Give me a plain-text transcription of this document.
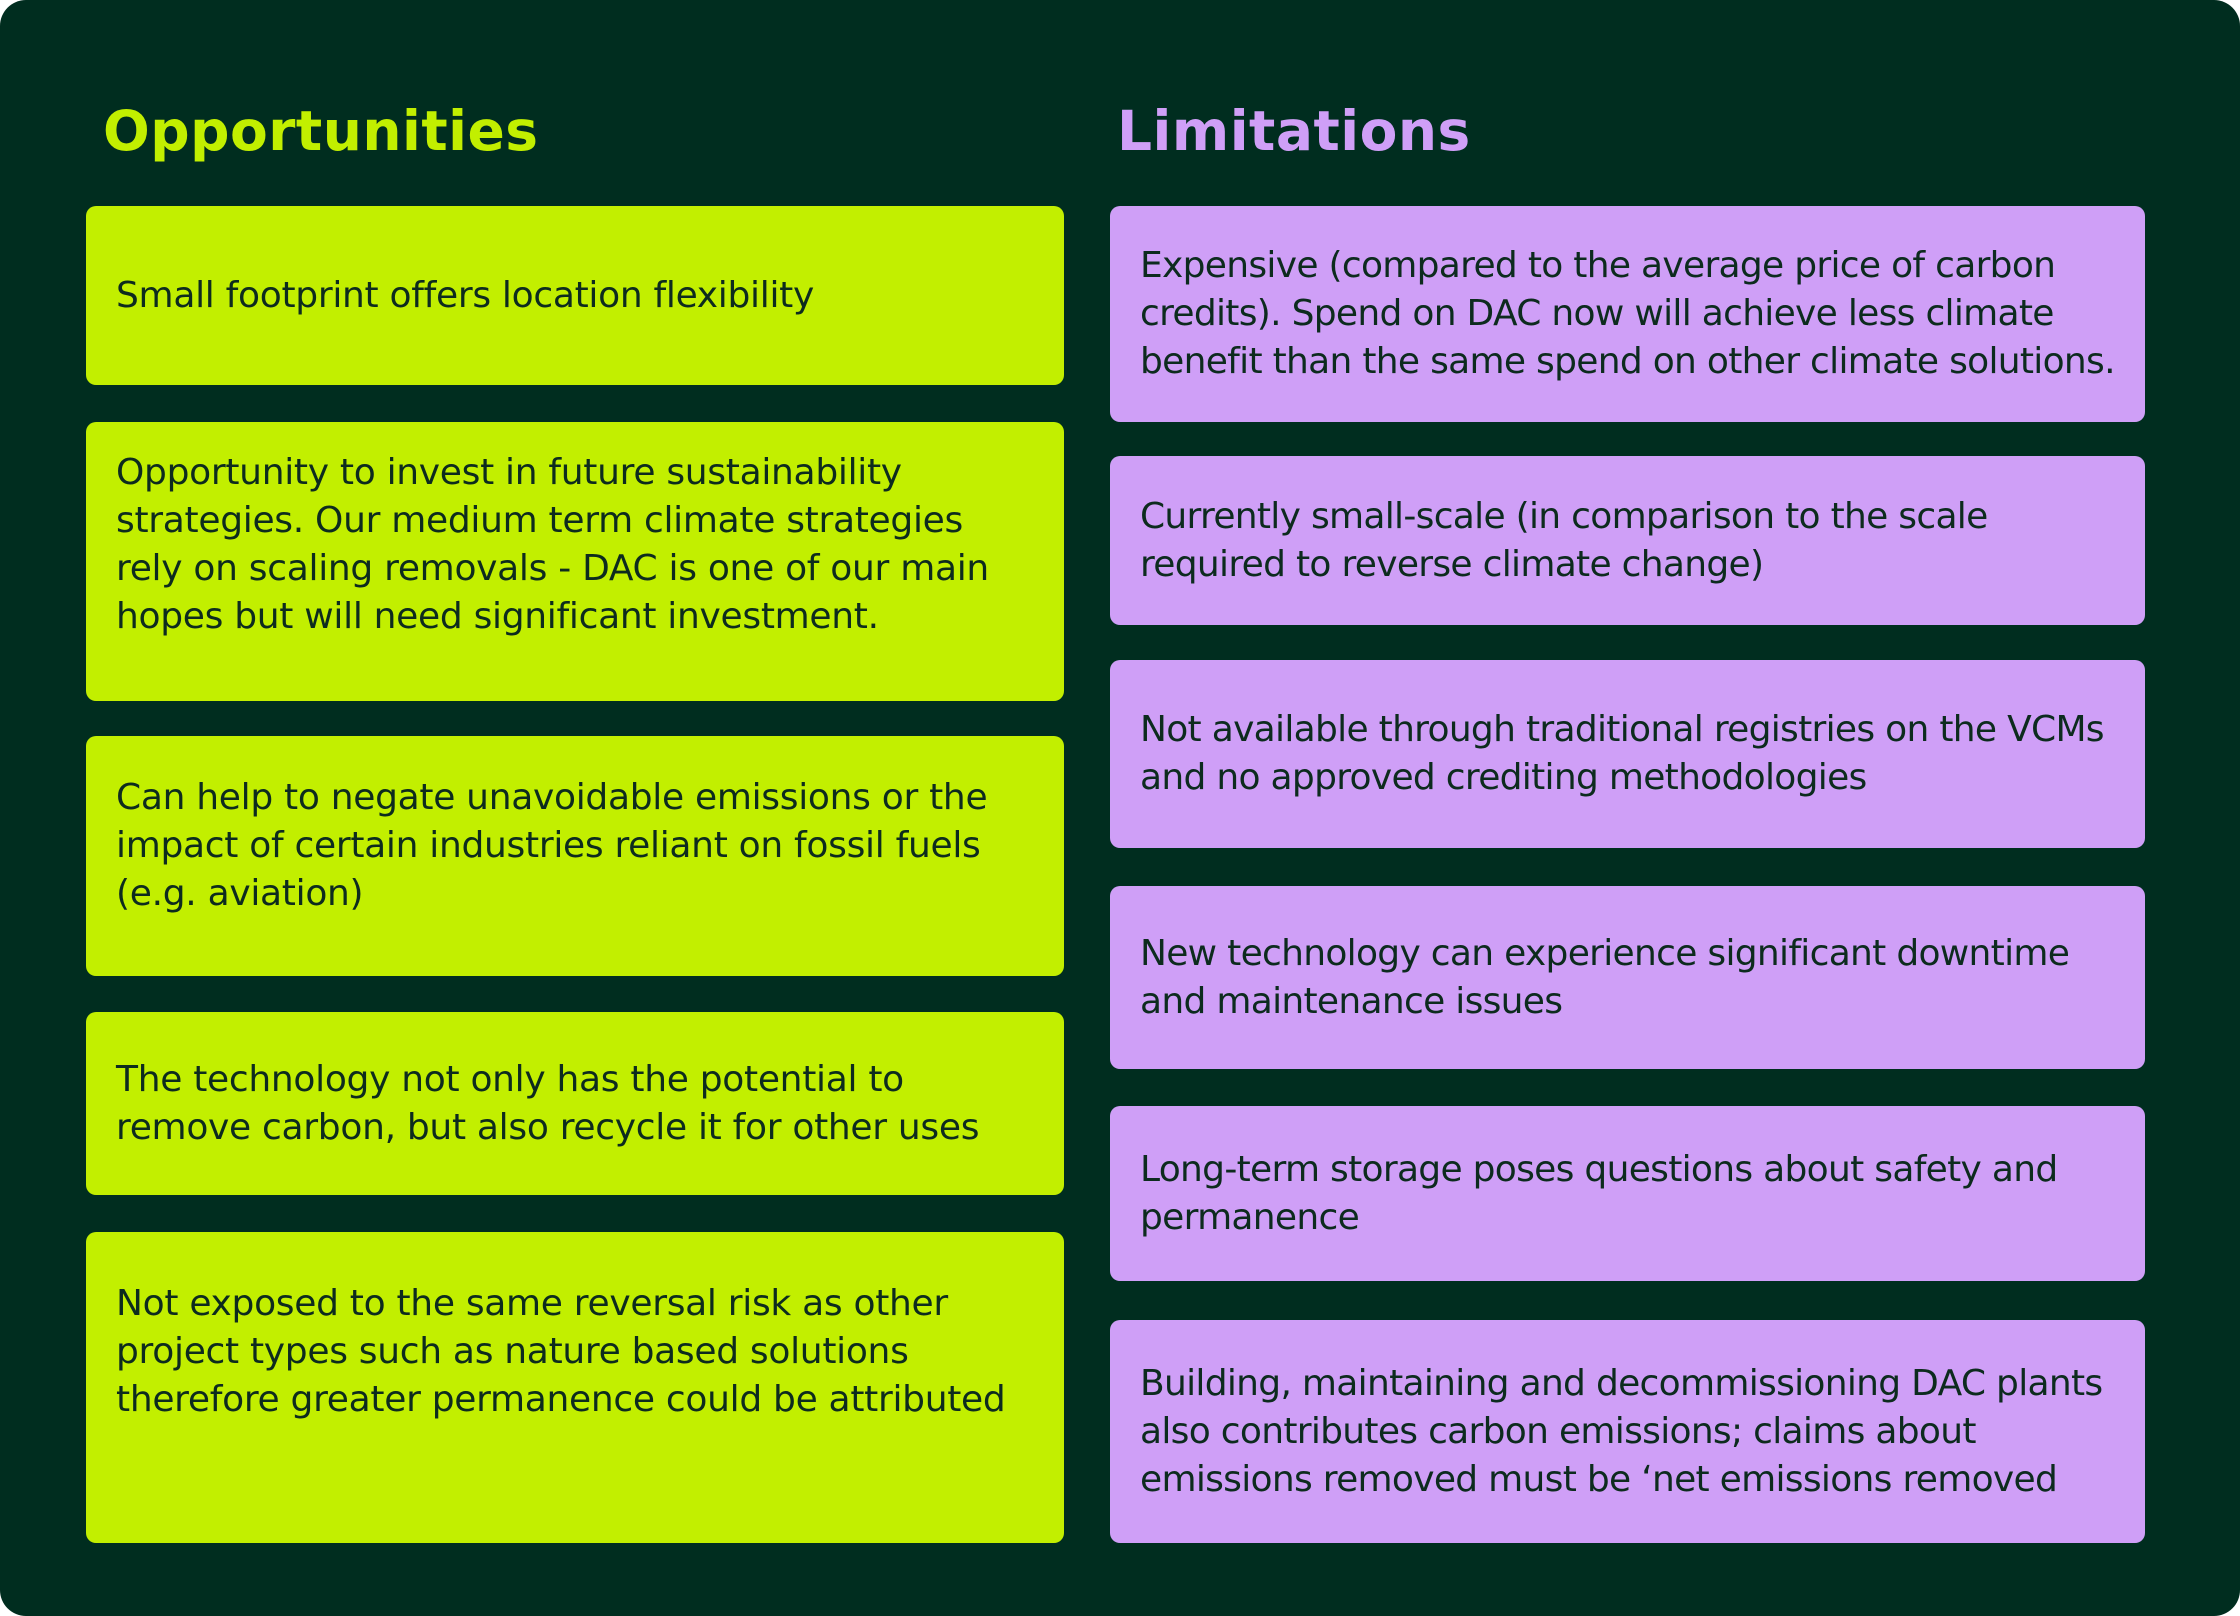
Opportunities	Limitations
Small footprint offers location flexibility
Opportunity to invest in future sustainability strategies. Our medium term climate strategies rely on scaling removals - DAC is one of our main hopes but will need significant investment.
Can help to negate unavoidable emissions or the impact of certain industries reliant on fossil fuels (e.g. aviation)
The technology not only has the potential to remove carbon, but also recycle it for other uses
Not exposed to the same reversal risk as other project types such as nature based solutions therefore greater permanence could be attributed
Expensive (compared to the average price of carbon credits). Spend on DAC now will achieve less climate benefit than the same spend on other climate solutions.
Currently small-scale (in comparison to the scale required to reverse climate change)
Not available through traditional registries on the VCMs and no approved crediting methodologies
New technology can experience significant downtime and maintenance issues
Long-term storage poses questions about safety and permanence
Building, maintaining and decommissioning DAC plants also contributes carbon emissions; claims about emissions removed must be ‘net emissions removed
